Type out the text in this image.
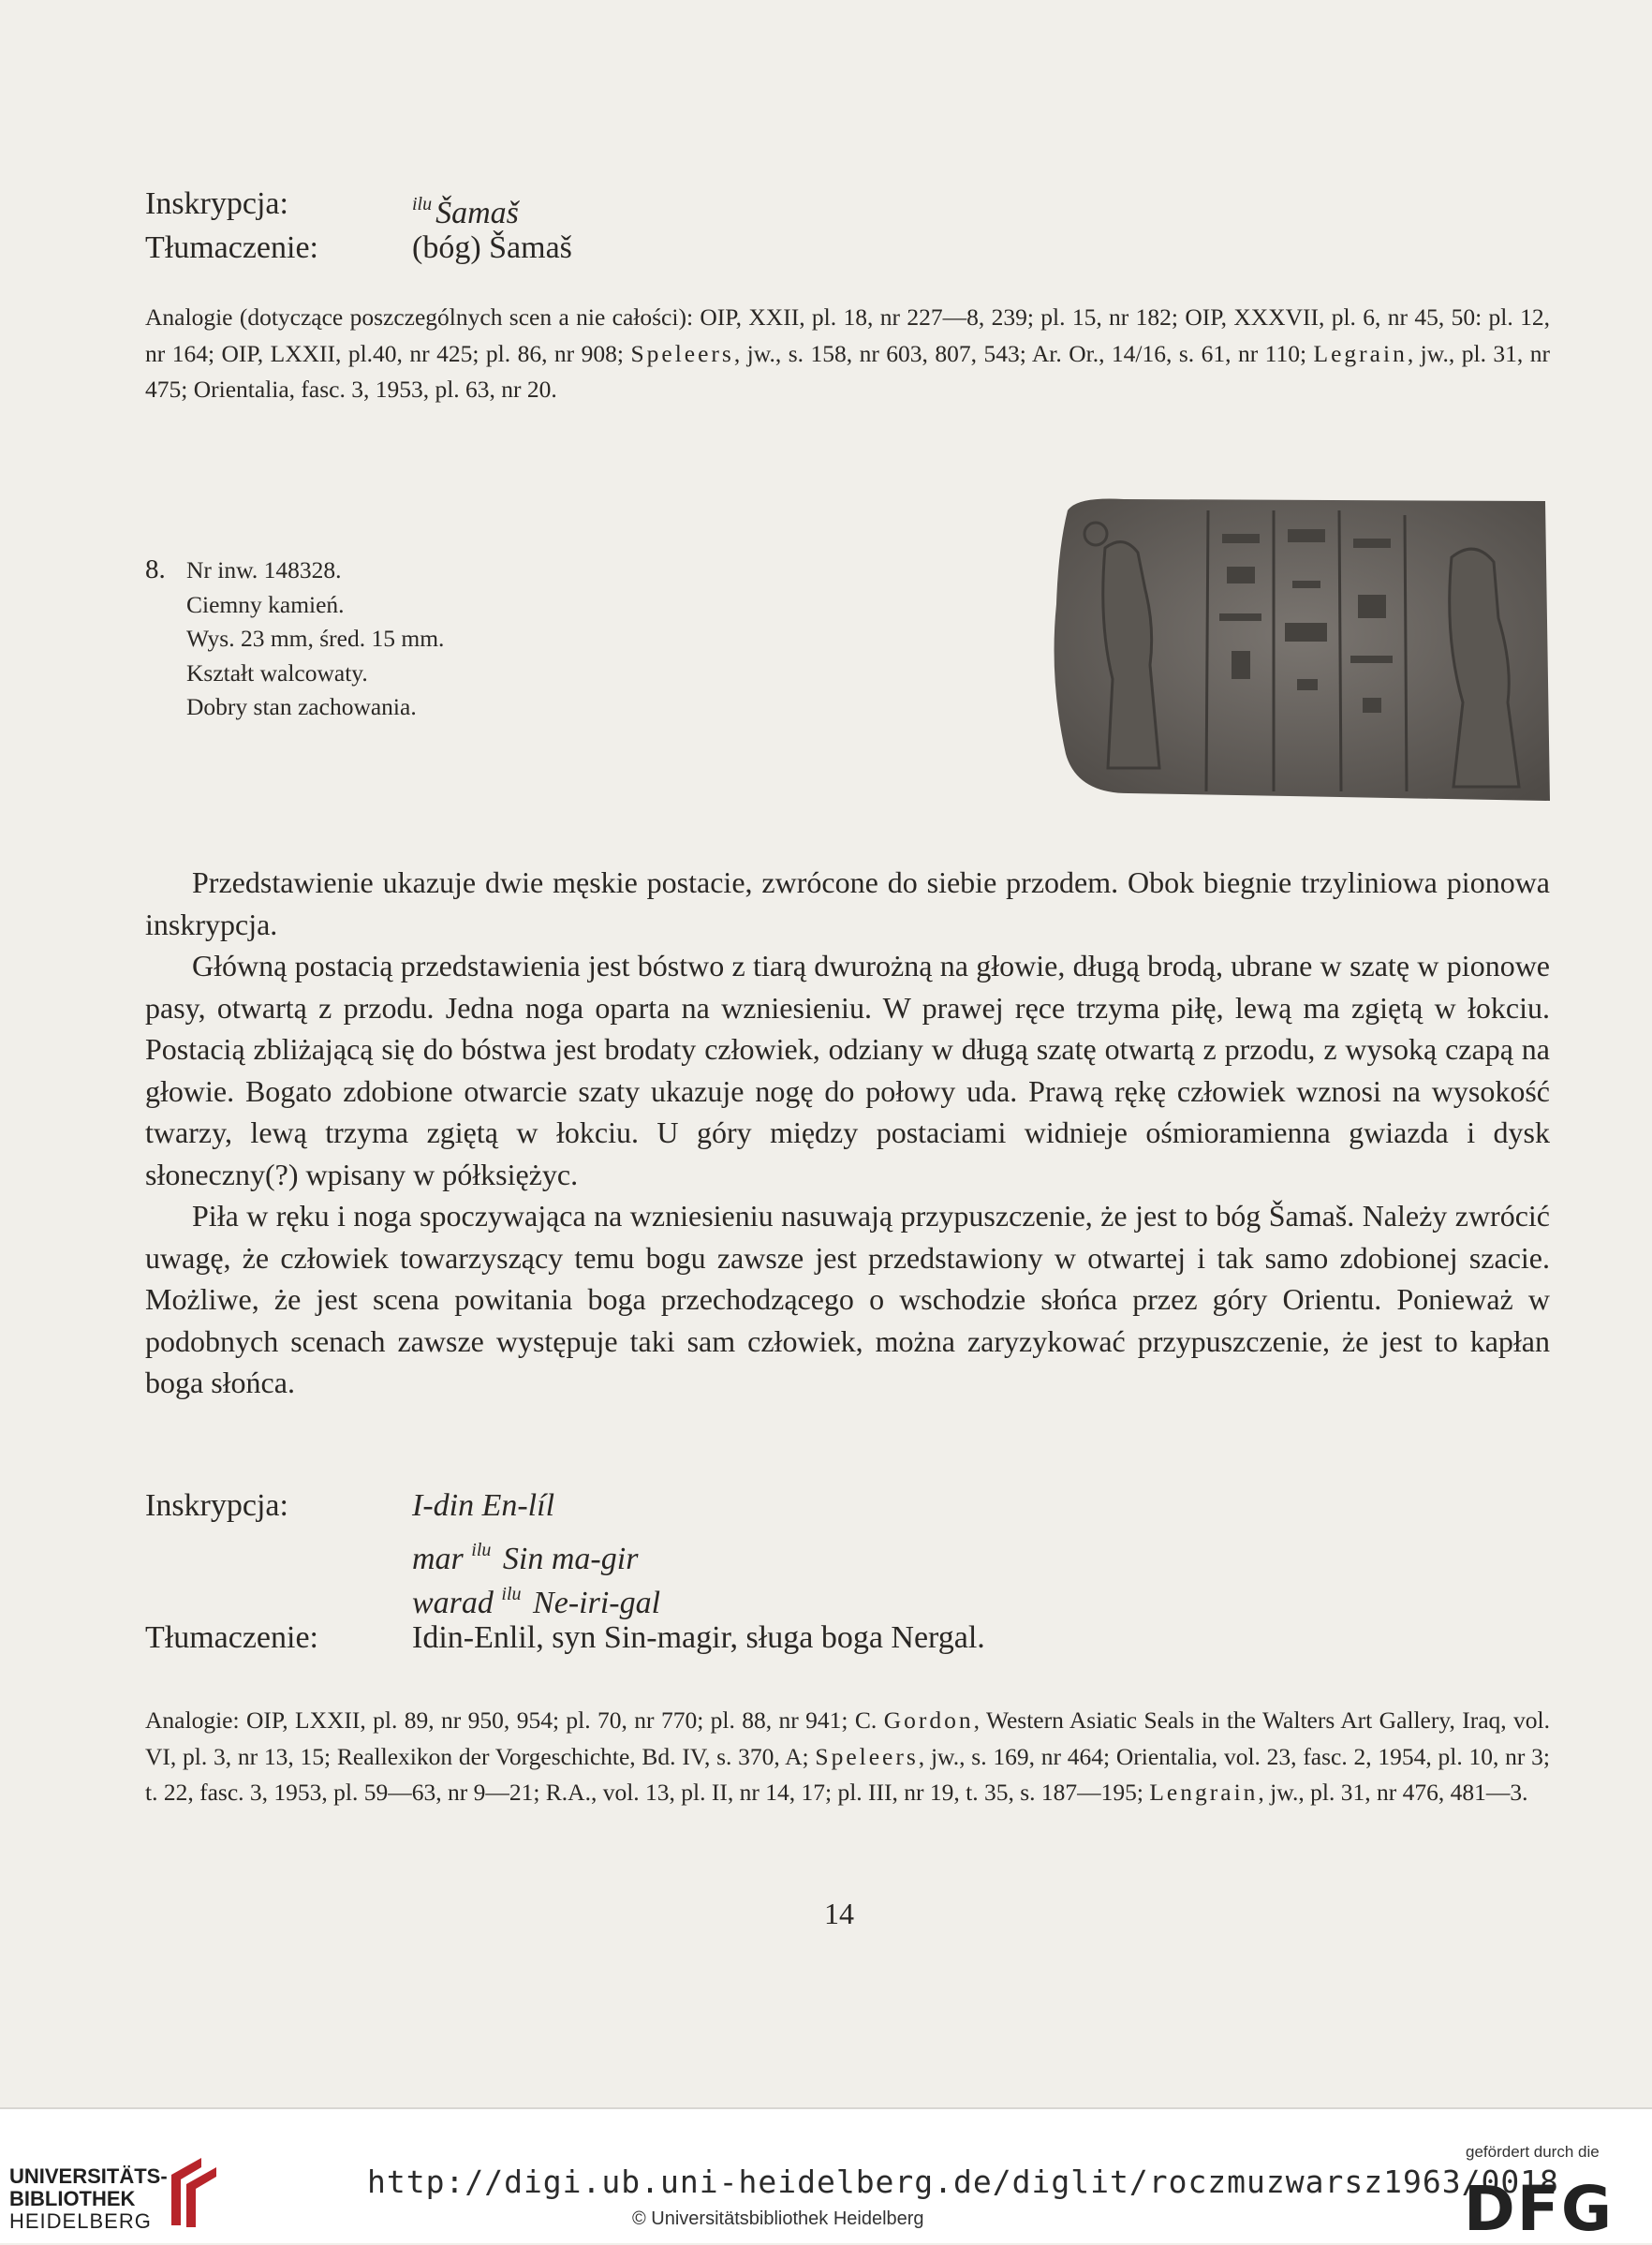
Inskrypcja:	$^{ilu}$ Šamaš
Tłumaczenie:	(bóg) Šamaš
Analogie (dotyczące poszczególnych scen a nie całości): OIP, XXII, pl. 18, nr 227—8, 239; pl. 15, nr 182; OIP, XXXVII, pl. 6, nr 45, 50: pl. 12, nr 164; OIP, LXXII, pl.40, nr 425; pl. 86, nr 908; Speleers, jw., s. 158, nr 603, 807, 543; Ar. Or., 14/16, s. 61, nr 110; Legrain, jw., pl. 31, nr 475; Orientalia, fasc. 3, 1953, pl. 63, nr 20.
8. Nr inw. 148328.
Ciemny kamień.
Wys. 23 mm, śred. 15 mm.
Kształt walcowaty.
Dobry stan zachowania.

Przedstawienie ukazuje dwie męskie postacie, zwrócone do siebie przodem. Obok biegnie trzyliniowa pionowa inskrypcja.

Główną postacią przedstawienia jest bóstwo z tiarą dwurożną na głowie, długą brodą, ubrane w szatę w pionowe pasy, otwartą z przodu. Jedna noga oparta na wzniesieniu. W prawej ręce trzyma piłę, lewą ma zgiętą w łokciu. Postacią zbliżającą się do bóstwa jest brodaty człowiek, odziany w długą szatę otwartą z przodu, z wysoką czapą na głowie. Bogato zdobione otwarcie szaty ukazuje nogę do połowy uda. Prawą rękę człowiek wznosi na wysokość twarzy, lewą trzyma zgiętą w łokciu. U góry między postaciami widnieje ośmioramienna gwiazda i dysk słoneczny(?) wpisany w półksiężyc.

Piła w ręku i noga spoczywająca na wzniesieniu nasuwają przypuszczenie, że jest to bóg Šamaš. Należy zwrócić uwagę, że człowiek towarzyszący temu bogu zawsze jest przedstawiony w otwartej i tak samo zdobionej szacie. Możliwe, że jest scena powitania boga przechodzącego o wschodzie słońca przez góry Orientu. Ponieważ w podobnych scenach zawsze występuje taki sam człowiek, można zaryzykować przypuszczenie, że jest to kapłan boga słońca.

Inskrypcja:	I-din En-líl
mar $^{ilu}$ Sin ma-gir
warad $^{ilu}$ Ne-iri-gal
Tłumaczenie:	Idin-Enlil, syn Sin-magir, sługa boga Nergal.
Analogie: OIP, LXXII, pl. 89, nr 950, 954; pl. 70, nr 770; pl. 88, nr 941; C. Gordon, Western Asiatic Seals in the Walters Art Gallery, Iraq, vol. VI, pl. 3, nr 13, 15; Reallexikon der Vorgeschichte, Bd. IV, s. 370, A; Speleers, jw., s. 169, nr 464; Orientalia, vol. 23, fasc. 2, 1954, pl. 10, nr 3; t. 22, fasc. 3, 1953, pl. 59—63, nr 9—21; R.A., vol. 13, pl. II, nr 14, 17; pl. III, nr 19, t. 35, s. 187—195; Lengrain, jw., pl. 31, nr 476, 481—3.
14
UNIVERSITÄTS-
BIBLIOTHEK
HEIDELBERG
http://digi.ub.uni-heidelberg.de/diglit/roczmuzwarsz1963/0018
© Universitätsbibliothek Heidelberg
gefördert durch die
DFG
